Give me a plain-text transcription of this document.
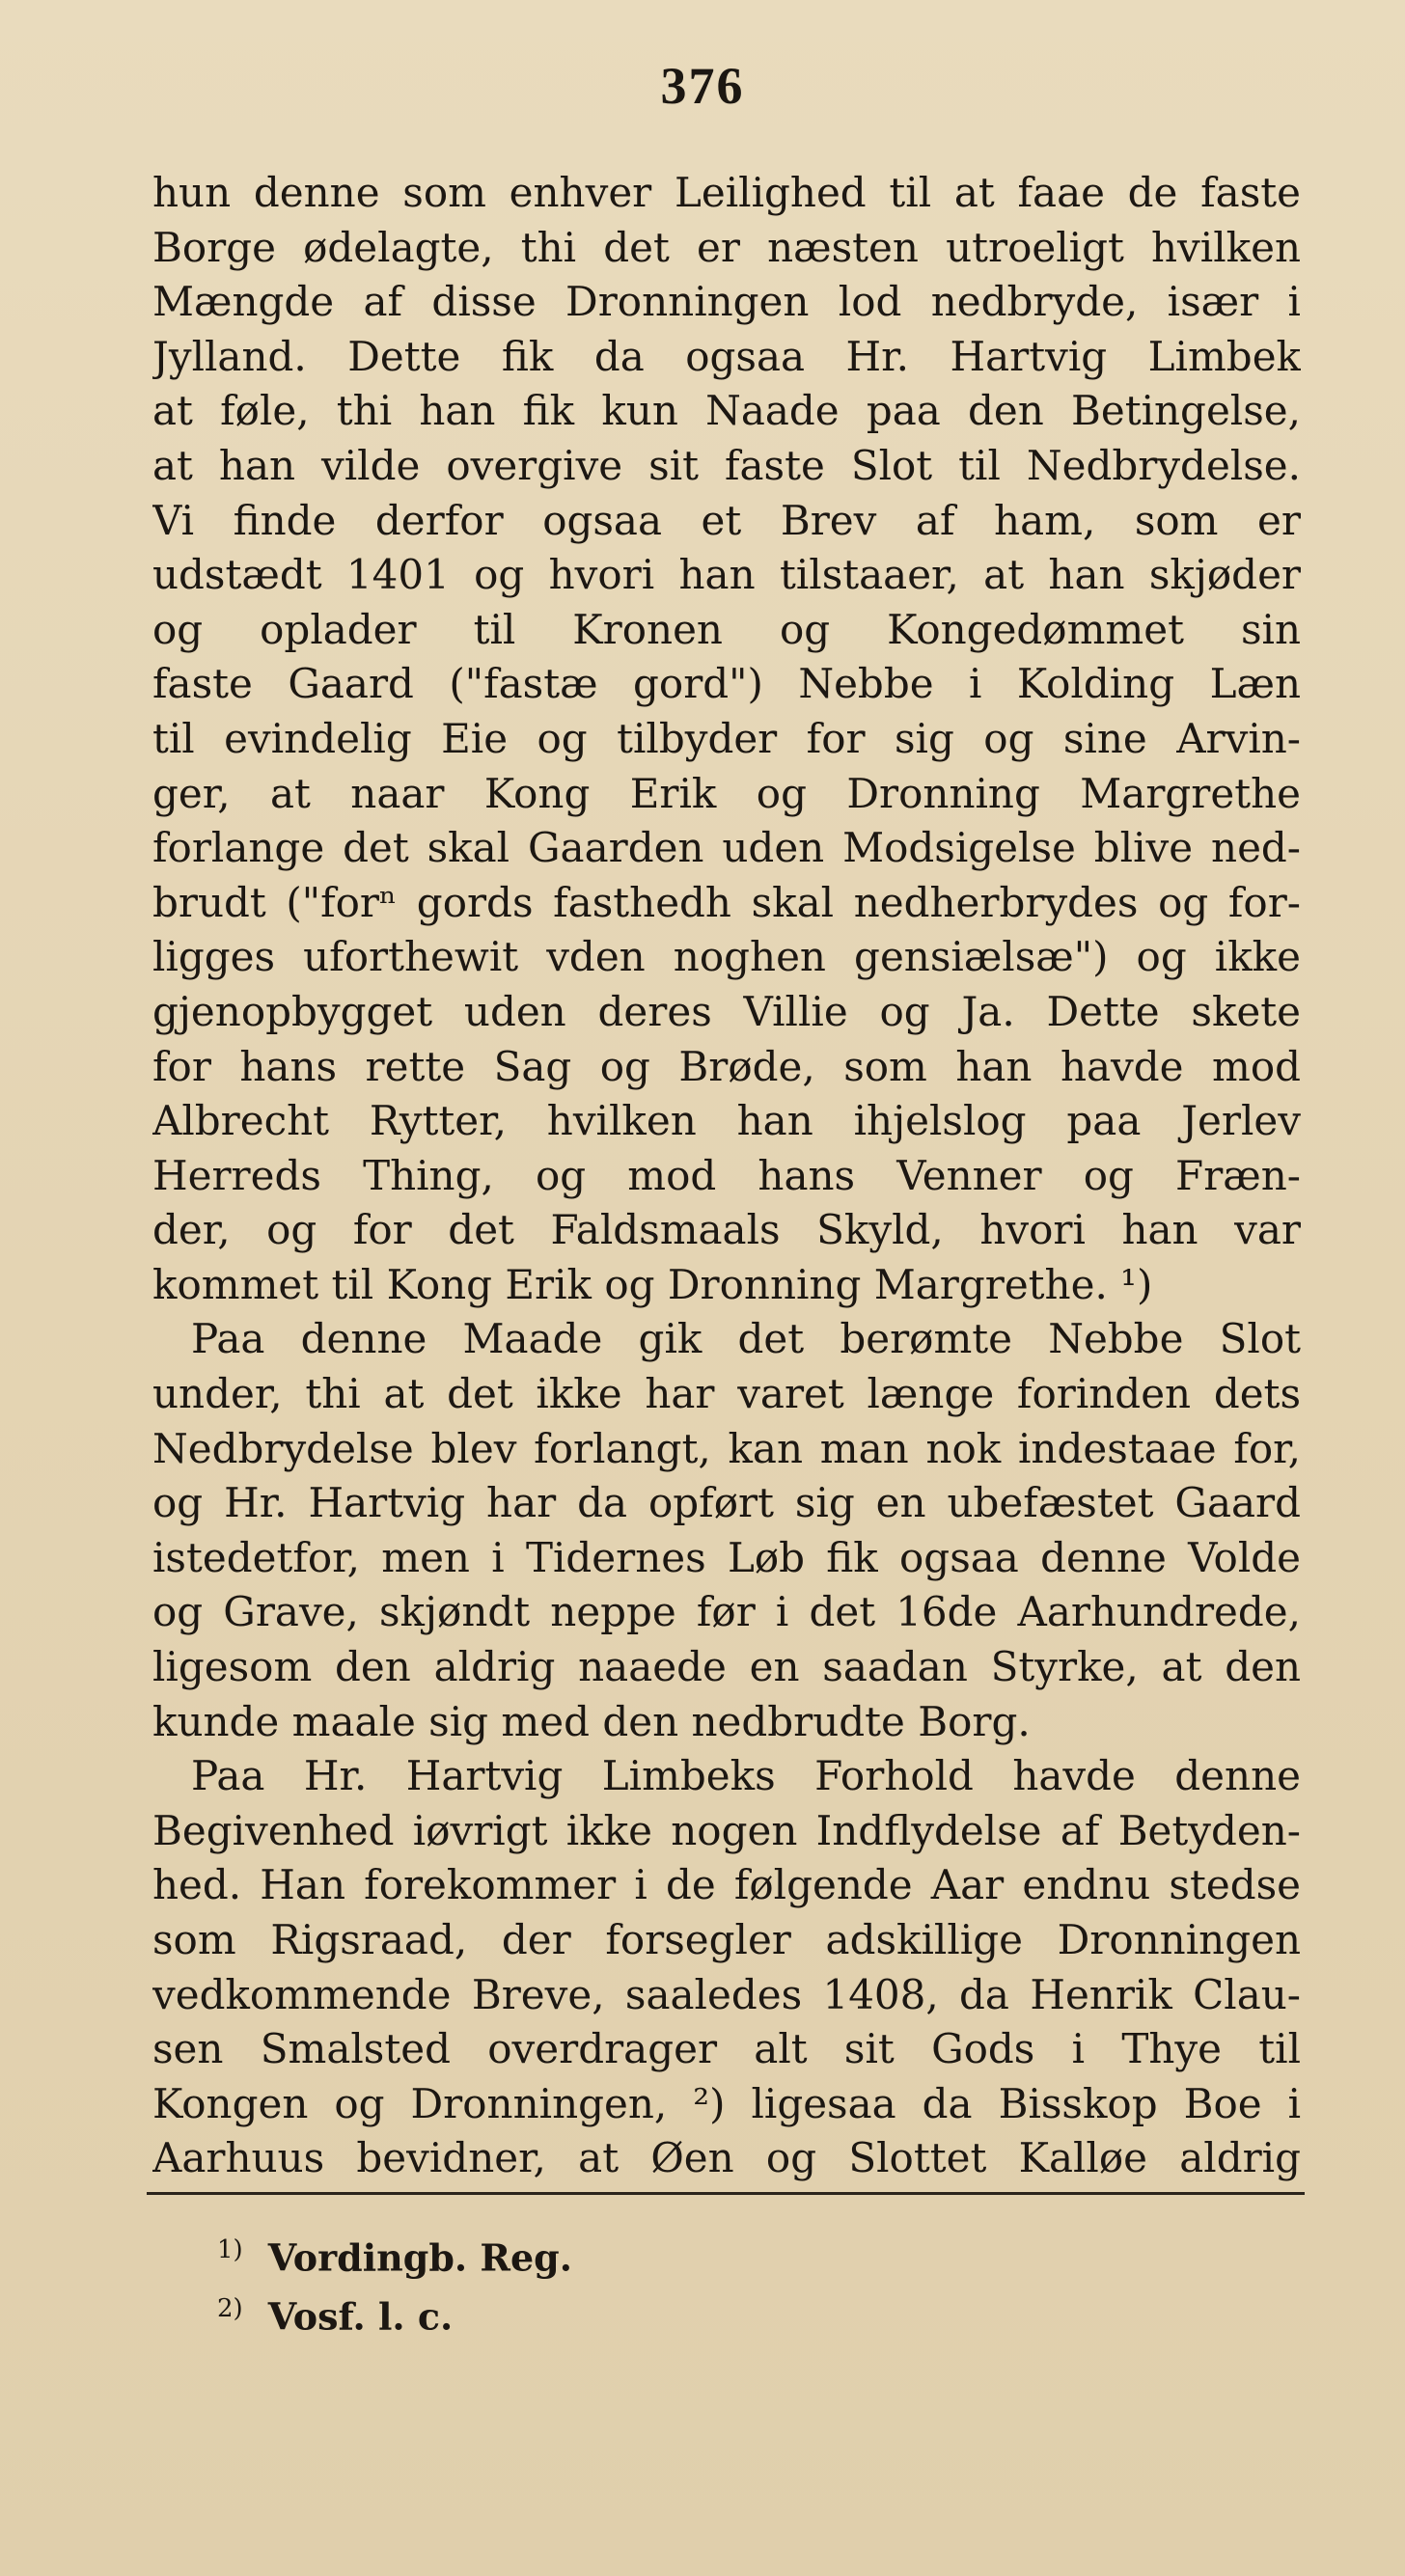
376
hun denne som enhver Leilighed til at faae de faste
Borge ødelagte, thi det er næsten utroeligt hvilken
Mængde af disse Dronningen lod nedbryde, især i
Jylland. Dette fik da ogsaa Hr. Hartvig Limbek
at føle, thi han fik kun Naade paa den Betingelse,
at han vilde overgive sit faste Slot til Nedbrydelse.
Vi finde derfor ogsaa et Brev af ham, som er
udstædt 1401 og hvori han tilstaaer, at han skjøder
og oplader til Kronen og Kongedømmet sin
faste Gaard ("fastæ gord") Nebbe i Kolding Læn
til evindelig Eie og tilbyder for sig og sine Arvin-
ger, at naar Kong Erik og Dronning Margrethe
forlange det skal Gaarden uden Modsigelse blive ned-
brudt ("forⁿ gords fasthedh skal nedherbrydes og for-
ligges uforthewit vden noghen gensiælsæ") og ikke
gjenopbygget uden deres Villie og Ja. Dette skete
for hans rette Sag og Brøde, som han havde mod
Albrecht Rytter, hvilken han ihjelslog paa Jerlev
Herreds Thing, og mod hans Venner og Fræn-
der, og for det Faldsmaals Skyld, hvori han var
kommet til Kong Erik og Dronning Margrethe. ¹)
Paa denne Maade gik det berømte Nebbe Slot
under, thi at det ikke har varet længe forinden dets
Nedbrydelse blev forlangt, kan man nok indestaae for,
og Hr. Hartvig har da opført sig en ubefæstet Gaard
istedetfor, men i Tidernes Løb fik ogsaa denne Volde
og Grave, skjøndt neppe før i det 16de Aarhundrede,
ligesom den aldrig naaede en saadan Styrke, at den
kunde maale sig med den nedbrudte Borg.
Paa Hr. Hartvig Limbeks Forhold havde denne
Begivenhed iøvrigt ikke nogen Indflydelse af Betyden-
hed. Han forekommer i de følgende Aar endnu stedse
som Rigsraad, der forsegler adskillige Dronningen
vedkommende Breve, saaledes 1408, da Henrik Clau-
sen Smalsted overdrager alt sit Gods i Thye til
Kongen og Dronningen, ²) ligesaa da Bisskop Boe i
Aarhuus bevidner, at Øen og Slottet Kalløe aldrig
$^{1)}$ Vordingb. Reg.
$^{2)}$ Vosf. l. c.
